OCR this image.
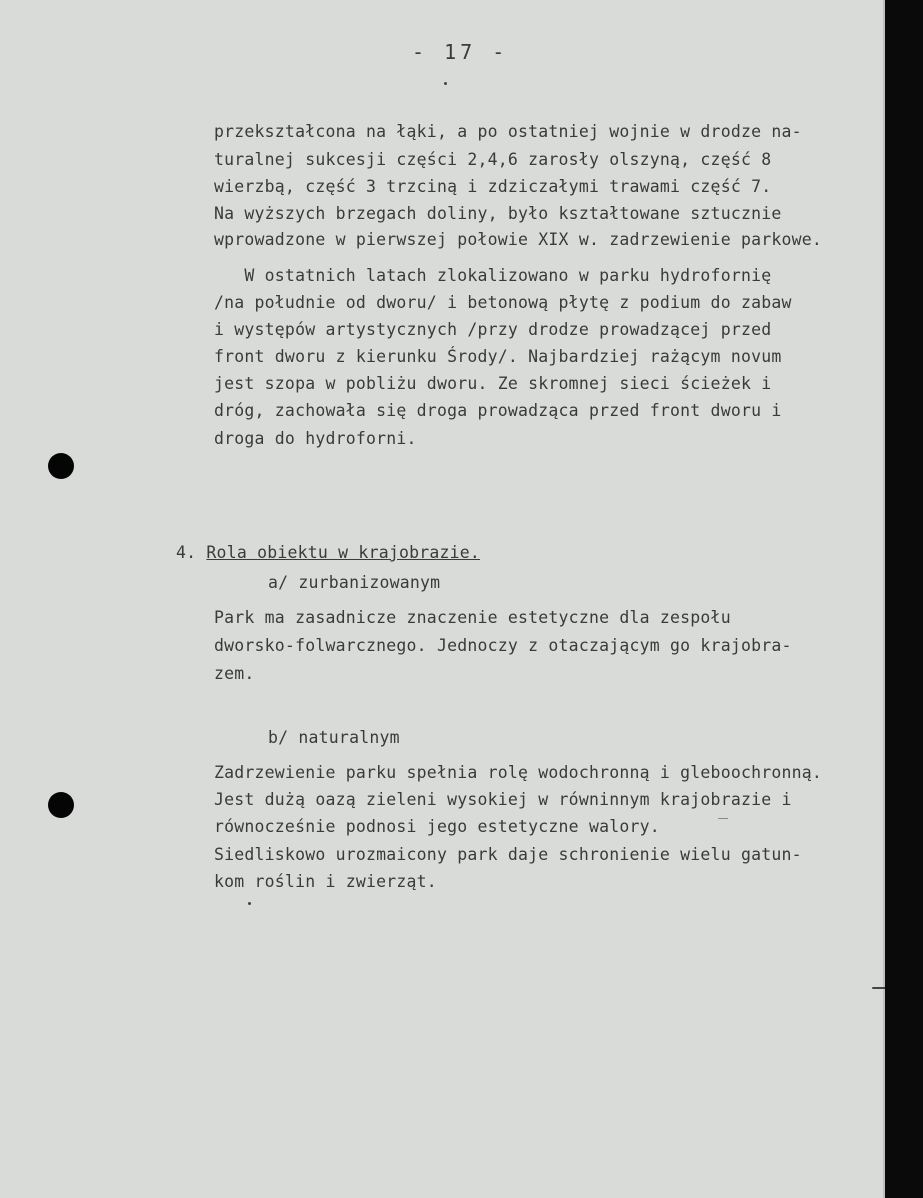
- 17 -

przekształcona na łąki, a po ostatniej wojnie w drodze na-

turalnej sukcesji części 2,4,6 zarosły olszyną, część 8

wierzbą, część 3 trzciną i zdziczałymi trawami część 7.

Na wyższych brzegach doliny, było kształtowane sztucznie

wprowadzone w pierwszej połowie XIX w. zadrzewienie parkowe.

W ostatnich latach zlokalizowano w parku hydrofornię

/na południe od dworu/ i betonową płytę z podium do zabaw

i występów artystycznych /przy drodze prowadzącej przed

front dworu z kierunku Środy/. Najbardziej rażącym novum

jest szopa w pobliżu dworu. Ze skromnej sieci ścieżek i

dróg, zachowała się droga prowadząca przed front dworu i

droga do hydroforni.

4. Rola obiektu w krajobrazie.

a/ zurbanizowanym

Park ma zasadnicze znaczenie estetyczne dla zespołu

dworsko-folwarcznego. Jednoczy z otaczającym go krajobra-

zem.

b/ naturalnym

Zadrzewienie parku spełnia rolę wodochronną i gleboochronną.

Jest dużą oazą zieleni wysokiej w równinnym krajobrazie i

równocześnie podnosi jego estetyczne walory.

Siedliskowo urozmaicony park daje schronienie wielu gatun-

kom roślin i zwierząt.
